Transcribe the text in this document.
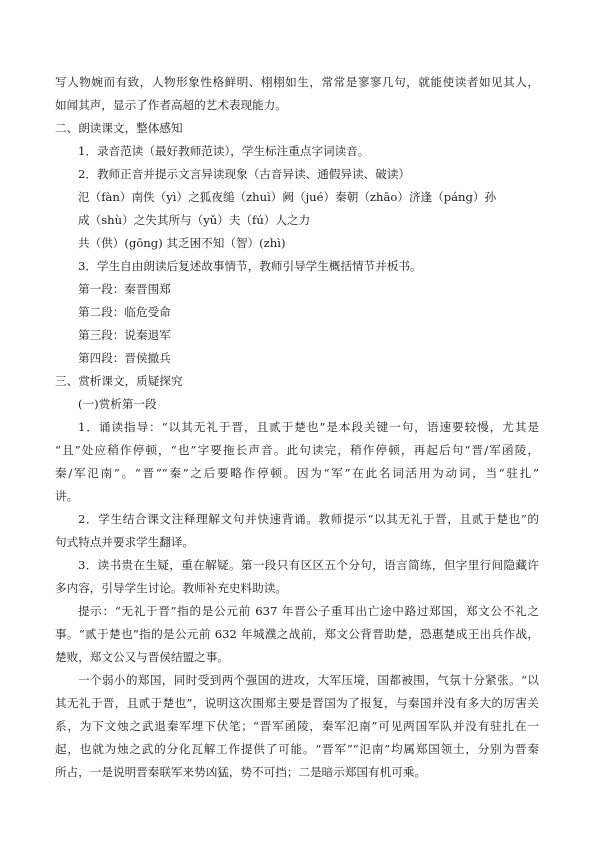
写人物婉而有致，人物形象性格鲜明、栩栩如生，常常是寥寥几句，就能使读者如见其人，
如闻其声，显示了作者高超的艺术表现能力。
二、朗读课文，整体感知
1．录音范读（最好教师范读），学生标注重点字词读音。
2．教师正音并提示文言异读现象（古音异读、通假异读、破读）
氾（fàn）南佚（yì）之狐夜缒（zhuì）阙（jué）秦朝（zhāo）济逢（páng）孙
成（shù）之失其所与（yǔ）夫（fú）人之力
共（供）(gōng) 其乏困不知（智）(zhì)
3．学生自由朗读后复述故事情节，教师引导学生概括情节并板书。
第一段：秦晋围郑
第二段：临危受命
第三段：说秦退军
第四段：晋侯撤兵
三、赏析课文，质疑探究
(一)赏析第一段
1．诵读指导：“以其无礼于晋，且贰于楚也”是本段关键一句，语速要较慢，尤其是
“且”处应稍作停顿，“也”字要拖长声音。此句读完，稍作停顿，再起后句“晋/军函陵，
秦/军氾南”。“晋”“秦”之后要略作停顿。因为“军”在此名词活用为动词，当“驻扎”
讲。
2．学生结合课文注释理解文句并快速背诵。教师提示“以其无礼于晋，且贰于楚也”的
句式特点并要求学生翻译。
3．读书贵在生疑，重在解疑。第一段只有区区五个分句，语言简练，但字里行间隐藏许
多内容，引导学生讨论。教师补充史料助读。
提示：“无礼于晋”指的是公元前 637 年晋公子重耳出亡途中路过郑国，郑文公不礼之
事。“贰于楚也”指的是公元前 632 年城濮之战前，郑文公背晋助楚，恐惠楚成王出兵作战，
楚败，郑文公又与晋侯结盟之事。
一个弱小的郑国，同时受到两个强国的进攻，大军压境，国都被围，气氛十分紧张。“以
其无礼于晋，且贰于楚也”，说明这次围郑主要是晋国为了报复，与秦国并没有多大的厉害关
系，为下文烛之武退秦军埋下伏笔；“晋军函陵，秦军氾南”可见两国军队并没有驻扎在一
起，也就为烛之武的分化瓦解工作提供了可能。“晋军”“氾南”均属郑国领土，分别为晋秦
所占，一是说明晋秦联军来势凶猛，势不可挡；二是暗示郑国有机可乘。
